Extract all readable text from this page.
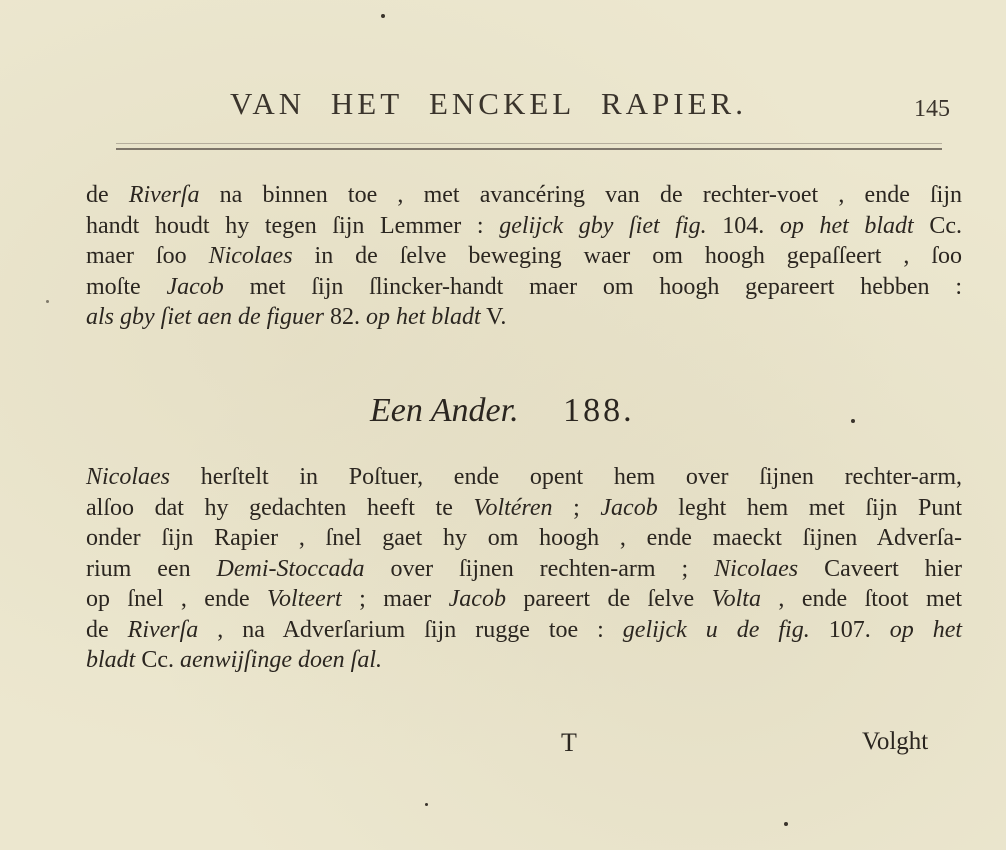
VAN HET ENCKEL RAPIER.	145
de Riverſa na binnen toe , met avancéring van de rechter-voet , ende ſijn
handt houdt hy tegen ſijn Lemmer : gelijck gby ſiet fig. 104. op het bladt Cc.
maer ſoo Nicolaes in de ſelve beweging waer om hoogh gepaſſeert , ſoo
moſte Jacob met ſijn ſlincker-handt maer om hoogh gepareert hebben :
als gby ſiet aen de figuer 82. op het bladt V.
Een Ander. 188.
Nicolaes herſtelt in Poſtuer, ende opent hem over ſijnen rechter-arm,
alſoo dat hy gedachten heeft te Voltéren ; Jacob leght hem met ſijn Punt
onder ſijn Rapier , ſnel gaet hy om hoogh , ende maeckt ſijnen Adverſa-
rium een Demi-Stoccada over ſijnen rechten-arm ; Nicolaes Caveert hier
op ſnel , ende Volteert ; maer Jacob pareert de ſelve Volta , ende ſtoot met
de Riverſa , na Adverſarium ſijn rugge toe : gelijck u de fig. 107. op het
bladt Cc. aenwijſinge doen ſal.
T	Volght
